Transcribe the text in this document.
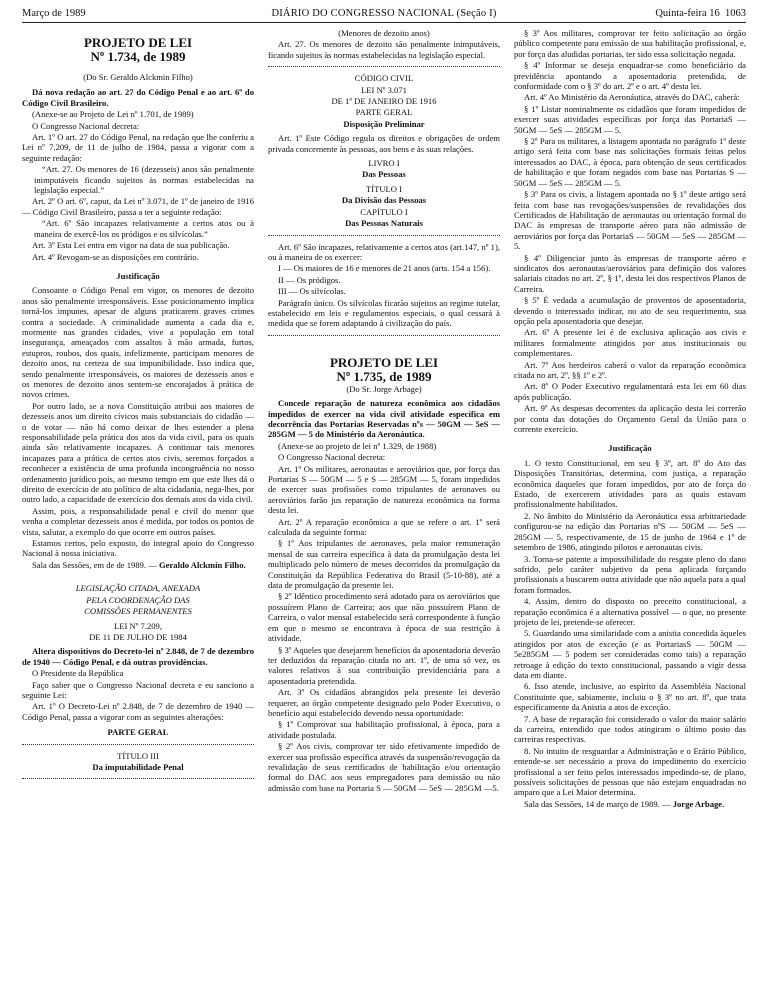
Março de 1989	DIÁRIO DO CONGRESSO NACIONAL (Seção I)	Quinta-feira 16 1063
PROJETO DE LEI
Nº 1.734, de 1989

(Do Sr. Geraldo Alckmin Filho)

Dá nova redação ao art. 27 do Código Penal e ao art. 6º do Código Civil Brasileiro.

(Anexe-se ao Projeto de Lei nº 1.701, de 1989)

O Congresso Nacional decreta:

Art. 1º O art. 27 do Código Penal, na redação que lhe conferiu a Lei nº 7.209, de 11 de julho de 1984, passa a vigorar com a seguinte redação:

“Art. 27. Os menores de 16 (dezesseis) anos são penalmente inimputáveis ficando sujeitos às normas estabelecidas na legislação especial.”

Art. 2º O art. 6º, caput, da Lei nº 3.071, de 1º de janeiro de 1916 — Código Civil Brasileiro, passa a ter a seguinte redação:

“Art. 6º São incapazes relativamente a certos atos ou à maneira de exercê-los os pródigos e os silvícolas.”

Art. 3º Esta Lei entra em vigor na data de sua publicação.

Art. 4º Revogam-se as disposições em contrário.

Justificação

Consoante o Código Penal em vigor, os menores de dezoito anos são penalmente irresponsáveis. Esse posicionamento implica torná-los impunes, apesar de alguns praticarem graves crimes contra a sociedade. A criminalidade aumenta a cada dia e, mormente nas grandes cidades, vive a população em total insegurança, ameaçados com assaltos à mão armada, furtos, estupros, roubos, dos quais, infelizmente, participam menores de dezoito anos, na certeza de sua impunibilidade. Isso indica que, sendo penalmente irresponsáveis, os maiores de dezesseis anos e os menores de dezoito anos sentem-se encorajados à prática de novos crimes.

Por outro lado, se a nova Constituição atribui aos maiores de dezesseis anos um direito cívicos mais substanciais do cidadão — o de votar — não há como deixar de lhes estender a plena responsabilidade pela prática dos atos da vida civil, para os quais ainda são relativamente incapazes. A continuar tais menores incapazes para a prática de certos atos civis, seremos forçados a reconhecer a existência de uma profunda incongruência no nosso ordenamento jurídico pois, ao mesmo tempo em que este lhes dá o direito de exercício de ato político de alta cidadania, nega-lhes, por outro lado, a capacidade de exercício dos demais atos da vida civil.

Assim, pois, a responsabilidade penal e civil do menor que venha a completar dezesseis anos é medida, por todos os pontos de vista, salutar, a exemplo do que ocorre em outros países.

Estamos certos, pelo exposto, do integral apoio do Congresso Nacional à nossa iniciativa.

Sala das Sessões, em de de 1989. — Geraldo Alckmin Filho.

LEGISLAÇÃO CITADA, ANEXADA

PELA COORDENAÇÃO DAS

COMISSÕES PERMANENTES

LEI Nº 7.209,

DE 11 DE JULHO DE 1984

Altera dispositivos do Decreto-lei nº 2.848, de 7 de dezembro de 1940 — Código Penal, e dá outras providências.

O Presidente da República

Faço saber que o Congresso Nacional decreta e eu sanciono a seguinte Lei:

Art. 1º O Decreto-Lei nº 2.848, de 7 de dezembro de 1940 — Código Penal, passa a vigorar com as seguintes alterações:

PARTE GERAL

TÍTULO III

Da imputabilidade Penal

(Menores de dezoito anos)

Art. 27. Os menores de dezoito são penalmente inimputáveis, ficando sujeitos às normas estabelecidas na legislação especial.

CÓDIGO CIVIL

LEI Nº 3.071

DE 1º DE JANEIRO DE 1916

PARTE GERAL

Disposição Preliminar

Art. 1º Este Código regula os direitos e obrigações de ordem privada concernente às pessoas, aos bens e às suas relações.

LIVRO I

Das Pessoas

TÍTULO I

Da Divisão das Pessoas

CAPÍTULO I

Das Pessoas Naturais

Art. 6º São incapazes, relativamente a certos atos (art.147, nº 1), ou à maneira de os exercer:

I — Os maiores de 16 e menores de 21 anos (arts. 154 a 156).

II — Os pródigos.

III — Os silvícolas.

Parágrafo único. Os silvícolas ficarão sujeitos ao regime tutelar, estabelecido em leis e regulamentos especiais, o qual cessará à medida que se forem adaptando à civilização do país.

PROJETO DE LEI
Nº 1.735, de 1989

(Do Sr. Jorge Arbage)

Concede reparação de natureza econômica aos cidadãos impedidos de exercer na vida civil atividade específica em decorrência das Portarias Reservadas nºs — 50GM — 5eS — 285GM — 5 do Ministério da Aeronáutica.

(Anexe-se ao projeto de lei nº 1.329, de 1988)

O Congresso Nacional decreta:

Art. 1º Os militares, aeronautas e aeroviários que, por força das Portarias S — 50GM — 5 e S — 285GM — 5, foram impedidos de exercer suas profissões como tripulantes de aeronaves ou aeroviários farão jus reparação de natureza econômica na forma desta lei.

Art. 2º A reparação econômica a que se refere o art. 1º será calculada da seguinte forma:

§ 1º Aos tripulantes de aeronaves, pela maior remuneração mensal de sua carreira específica à data da promulgação desta lei multiplicado pelo número de meses decorridos da promulgação da Constituição da República Federativa do Brasil (5-10-88), até a data de promulgação da presente lei.

§ 2º Idêntico procedimento será adotado para os aeroviários que possuírem Plano de Carreira; aos que não possuírem Plano de Carreira, o valor mensal estabelecido será correspondente à função em que o mesmo se encontrava à época de sua restrição à atividade.

§ 3º Aqueles que desejarem benefícios da aposentadoria deverão ter deduzidos da reparação citada no art. 1º, de uma só vez, os valores relativos à sua contribuição previdenciária para a aposentadoria pretendida.

Art. 3º Os cidadãos abrangidos pela presente lei deverão requerer, ao órgão competente designado pelo Poder Executivo, o benefício aqui estabelecido devendo nessa oportunidade:

§ 1º Comprovar sua habilitação profissional, à época, para a atividade postulada.

§ 2º Aos civis, comprovar ter sido efetivamente impedido de exercer sua profissão específica através da suspensão/revogação da revalidação de seus certificados de habilitação e/ou orientação formal do DAC aos seus empregadores para demissão ou não admissão com base na Portaria S — 50GM — 5eS — 285GM —5.

§ 3º Aos militares, comprovar ter feito solicitação ao órgão público competente para emissão de sua habilitação profissional, e, por força das aludidas portarias, ter sido essa solicitação negada.

§ 4º Informar se deseja enquadrar-se como beneficiário da previdência apontando a aposentadoria pretendida, de conformidade com o § 3º do art. 2º e o art. 4º desta lei.

Art. 4º Ao Ministério da Aeronáutica, através do DAC, caberá:

§ 1º Listar nominalmente os cidadãos que foram impedidos de exercer suas atividades específicas por força das PortariaS — 50GM — 5eS — 285GM — 5.

§ 2º Para os militares, a listagem apontada no parágrafo 1º deste artigo será feita com base nas solicitações formais feitas pelos interessados ao DAC, à época, para obtenção de seus certificados de habilitação e que foram negados com base nas Portarias S — 50GM — 5eS — 285GM — 5.

§ 3º Para os civis, a listagem apontada no § 1º deste artigo será feita com base nas revogações/suspensões de revalidações dos Certificados de Habilitação de aeronautas ou orientação formal do DAC às empresas de transporte aéreo para não admissão de aeroviários por força das PortariaS — 50GM — 5eS — 285GM —5.

§ 4º Diligenciar junto às empresas de transporte aéreo e sindicatos dos aeronautas/aeroviários para definição dos valores salariais citados no art. 2º, § 1º, desta lei dos respectivos Planos de Carreira.

§ 5º É vedada a acumulação de proventos de aposentadoria, devendo o interessado indicar, no ato de seu requerimento, sua opção pela aposentadoria que desejar.

Art. 6º A presente lei é de exclusiva aplicação aos civis e militares formalmente atingidos por atos institucionais ou complementares.

Art. 7º Aos herdeiros caberá o valor da reparação econômica citada no art. 2º, §§ 1º e 2º.

Art. 8º O Poder Executivo regulamentará esta lei em 60 dias após publicação.

Art. 9º As despesas decorrentes da aplicação desta lei correrão por conta das dotações do Orçamento Geral da União para o corrente exercício.

Justificação

1. O texto Constitucional, em seu § 3º, art. 8º do Ato das Disposições Transitórias, determina, com justiça, a reparação econômica daqueles que foram impedidos, por ato de força do Estado, de exercerem atividades para as quais estavam profissionalmente habilitados.

2. No âmbito do Ministério da Aeronáutica essa arbitrariedade configurou-se na edição das Portarias nºS — 50GM — 5eS — 285GM — 5, respectivamente, de 15 de junho de 1964 e 1º de setembro de 1986, atingindo pilotos e aeronautas civis.

3. Torna-se patente a impossibilidade do resgate pleno do dano sofrido, pelo caráter subjetivo da pena aplicada forçando profissionais a buscarem outra atividade que não aquela para a qual foram formados.

4. Assim, dentro do disposto no preceito constitucional, a reparação econômica é a alternativa possível — o que, no presente projeto de lei, pretende-se oferecer.

5. Guardando uma similaridade com a anistia concedida àqueles atingidos por atos de exceção (e as PortariasS — 50GM — 5e285GM — 5 podem ser consideradas como tais) a reparação retroage à edição do texto constitucional, passando a vigir dessa data em diante.

6. Isso atende, inclusive, ao espírito da Assembléia Nacional Constituinte que, sabiamente, incluiu o § 3º no art. 8º, que trata especificamente da Anistia a atos de exceção.

7. A base de reparação foi considerado o valor do maior salário da carreira, entendido que todos atingiram o último posto das carreiras respectivas.

8. No intuito de resguardar a Administração e o Erário Público, entende-se ser necessário a prova do impedimento do exercício profissional a ser feito pelos interessados impedindo-se, de plano, possíveis solicitações de pessoas que não estejam enquadradas no amparo que a Lei Maior determina.

Sala das Sessões, 14 de março de 1989. — Jorge Arbage.
